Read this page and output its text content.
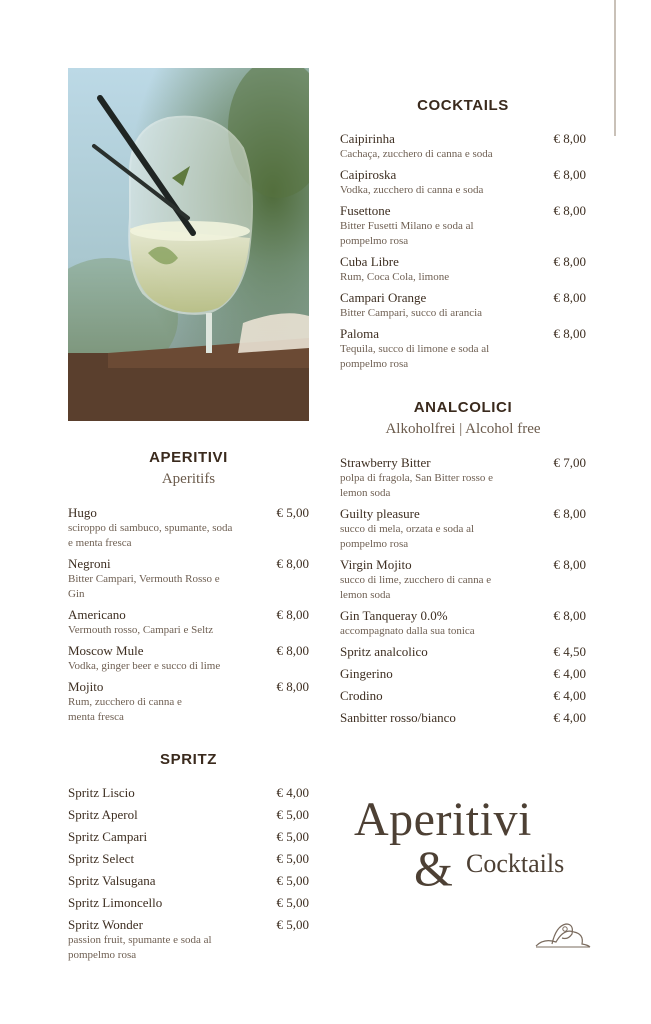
COCKTAILS
Caipirinha	€ 8,00
Cachaça, zucchero di canna e soda
Caipiroska	€ 8,00
Vodka, zucchero di canna e soda
Fusettone	€ 8,00
Bitter Fusetti Milano e soda al pompelmo rosa
Cuba Libre	€ 8,00
Rum, Coca Cola, limone
Campari Orange	€ 8,00
Bitter Campari, succo di arancia
Paloma	€ 8,00
Tequila, succo di limone e soda al pompelmo rosa
ANALCOLICI
Alkoholfrei | Alcohol free
Strawberry Bitter	€ 7,00
polpa di fragola, San Bitter rosso e lemon soda
Guilty pleasure	€ 8,00
succo di mela, orzata e soda al pompelmo rosa
Virgin Mojito	€ 8,00
succo di lime, zucchero di canna e lemon soda
Gin Tanqueray 0.0%	€ 8,00
accompagnato dalla sua tonica
Spritz analcolico	€ 4,50
Gingerino	€ 4,00
Crodino	€ 4,00
Sanbitter rosso/bianco	€ 4,00
APERITIVI
Aperitifs
Hugo	€ 5,00
sciroppo di sambuco, spumante, soda e menta fresca
Negroni	€ 8,00
Bitter Campari, Vermouth Rosso e Gin
Americano	€ 8,00
Vermouth rosso, Campari e Seltz
Moscow Mule	€ 8,00
Vodka, ginger beer e succo di lime
Mojito	€ 8,00
Rum, zucchero di canna e menta fresca
SPRITZ
Spritz Liscio	€ 4,00
Spritz Aperol	€ 5,00
Spritz Campari	€ 5,00
Spritz Select	€ 5,00
Spritz Valsugana	€ 5,00
Spritz Limoncello	€ 5,00
Spritz Wonder	€ 5,00
passion fruit, spumante e soda al pompelmo rosa
Aperitivi
& Cocktails
